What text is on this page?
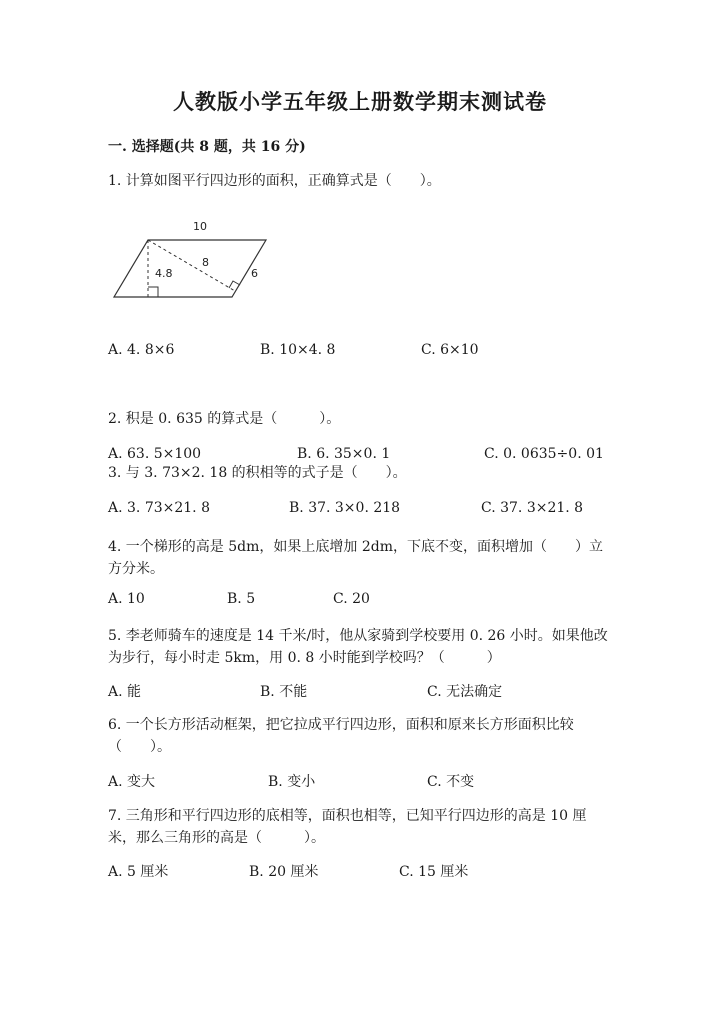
人教版小学五年级上册数学期末测试卷
一. 选择题(共 8 题，共 16 分)
1. 计算如图平行四边形的面积，正确算式是（　　）。
10
4.8
8
6
A. 4. 8×6	B. 10×4. 8	C. 6×10
2. 积是 0. 635 的算式是（　　　）。
A. 63. 5×100	B. 6. 35×0. 1	C. 0. 0635÷0. 01
3. 与 3. 73×2. 18 的积相等的式子是（　　）。
A. 3. 73×21. 8	B. 37. 3×0. 218	C. 37. 3×21. 8
4. 一个梯形的高是 5dm，如果上底增加 2dm，下底不变，面积增加（　　）立方分米。
A. 10	B. 5	C. 20
5. 李老师骑车的速度是 14 千米/时，他从家骑到学校要用 0. 26 小时。如果他改为步行，每小时走 5km，用 0. 8 小时能到学校吗？（　　　）
A. 能	B. 不能	C. 无法确定
6. 一个长方形活动框架，把它拉成平行四边形，面积和原来长方形面积比较（　　）。
A. 变大	B. 变小	C. 不变
7. 三角形和平行四边形的底相等，面积也相等，已知平行四边形的高是 10 厘米，那么三角形的高是（　　　）。
A. 5 厘米	B. 20 厘米	C. 15 厘米
